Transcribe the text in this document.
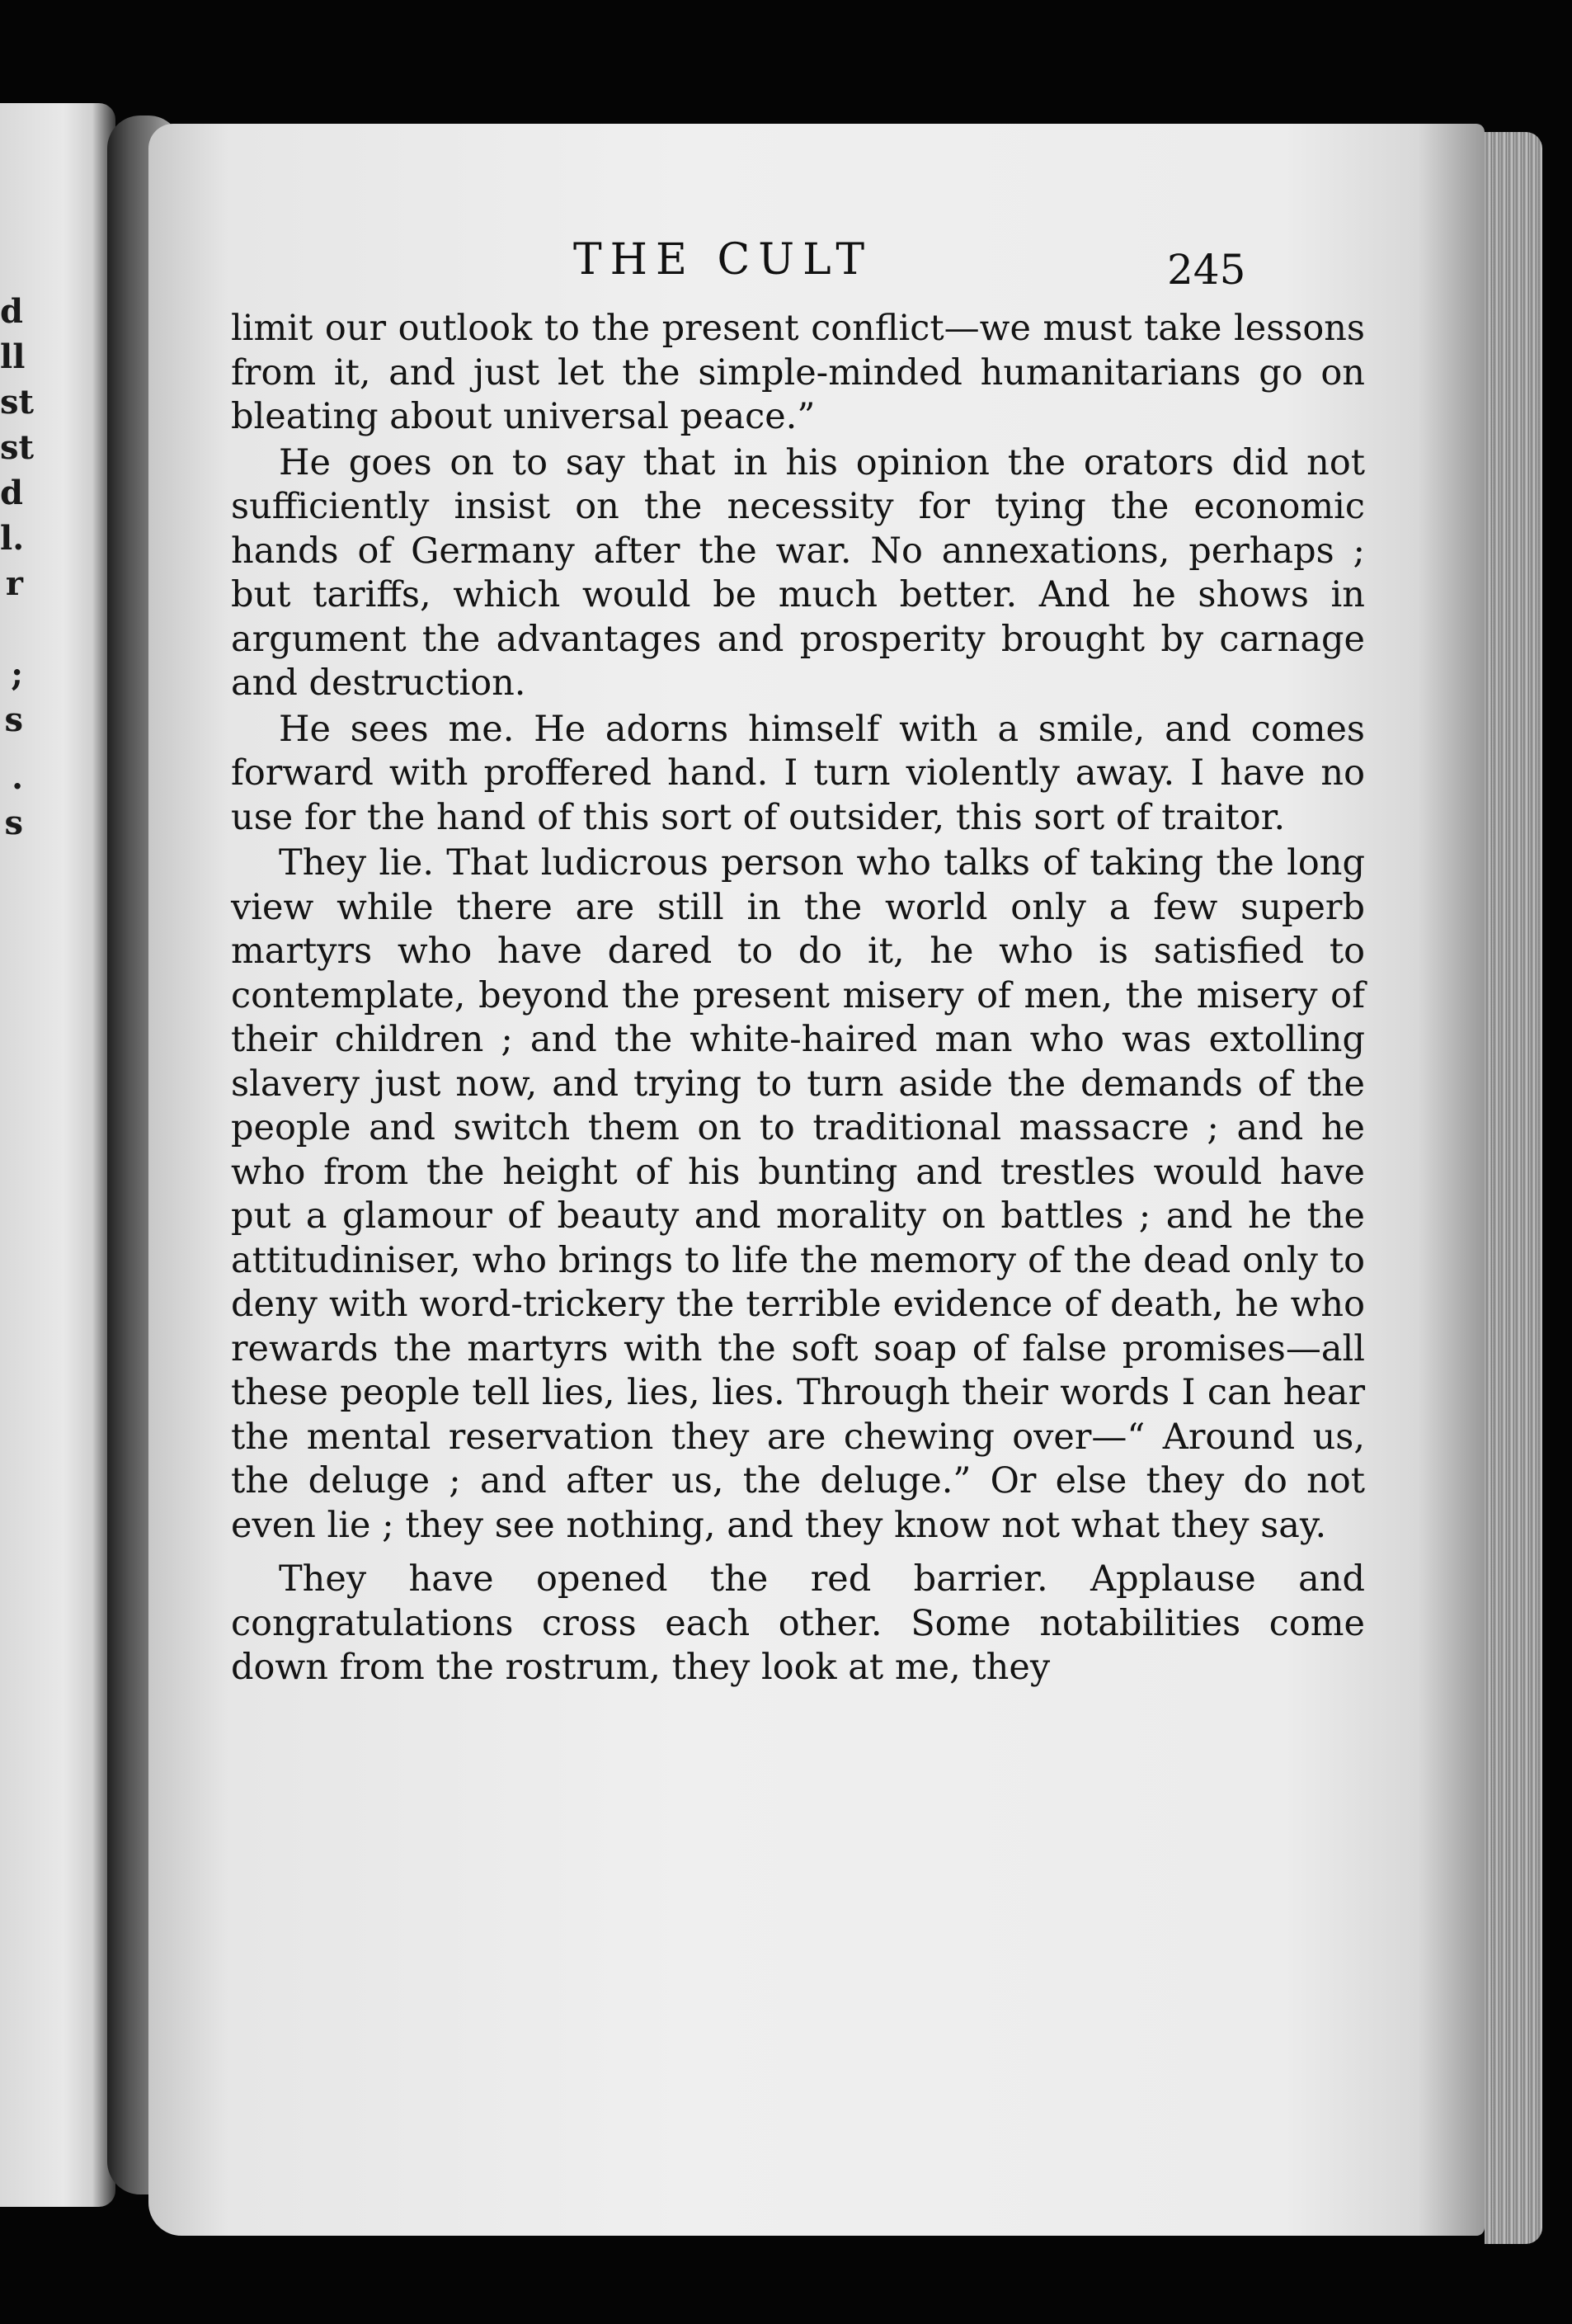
d
ll
st
st
d
l.
r
;
s
.
s
THE CULT	245

limit our outlook to the present conflict—we must take lessons from it, and just let the simple-minded humanitarians go on bleating about universal peace.”

He goes on to say that in his opinion the orators did not sufficiently insist on the necessity for tying the economic hands of Germany after the war. No annexations, perhaps ; but tariffs, which would be much better. And he shows in argument the advantages and prosperity brought by carnage and destruction.

He sees me. He adorns himself with a smile, and comes forward with proffered hand. I turn violently away. I have no use for the hand of this sort of outsider, this sort of traitor.

They lie. That ludicrous person who talks of taking the long view while there are still in the world only a few superb martyrs who have dared to do it, he who is satisfied to contemplate, beyond the present misery of men, the misery of their children ; and the white-haired man who was extolling slavery just now, and trying to turn aside the demands of the people and switch them on to traditional massacre ; and he who from the height of his bunting and trestles would have put a glamour of beauty and morality on battles ; and he the attitudiniser, who brings to life the memory of the dead only to deny with word-trickery the terrible evidence of death, he who rewards the martyrs with the soft soap of false promises—all these people tell lies, lies, lies. Through their words I can hear the mental reservation they are chewing over—“ Around us, the deluge ; and after us, the deluge.” Or else they do not even lie ; they see nothing, and they know not what they say.

They have opened the red barrier. Applause and congratulations cross each other. Some notabilities come down from the rostrum, they look at me, they
